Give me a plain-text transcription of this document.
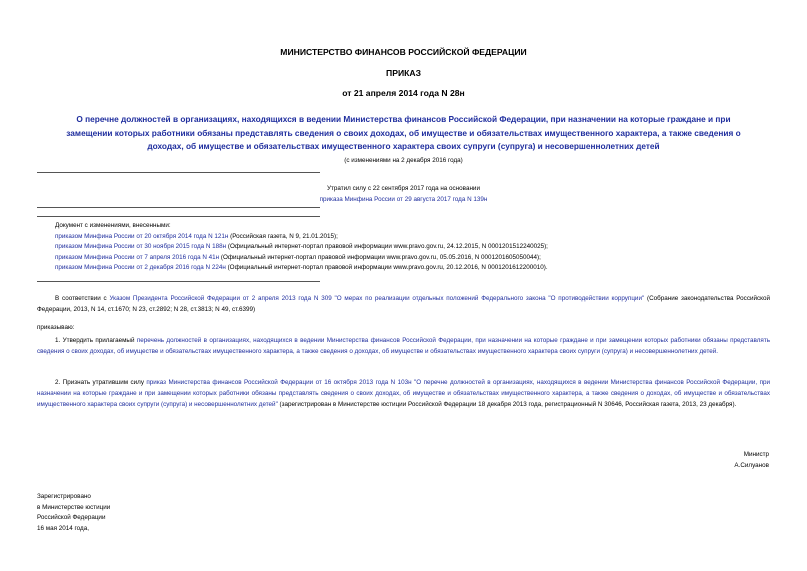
МИНИСТЕРСТВО ФИНАНСОВ РОССИЙСКОЙ ФЕДЕРАЦИИ
ПРИКАЗ
от 21 апреля 2014 года N 28н
О перечне должностей в организациях, находящихся в ведении Министерства финансов Российской Федерации, при назначении на которые граждане и при
замещении которых работники обязаны представлять сведения о своих доходах, об имуществе и обязательствах имущественного характера, а также сведения о
доходах, об имуществе и обязательствах имущественного характера своих супруги (супруга) и несовершеннолетних детей
(с изменениями на 2 декабря 2016 года)
Утратил силу с 22 сентября 2017 года на основании
приказа Минфина России от 29 августа 2017 года N 139н
Документ с изменениями, внесенными:
приказом Минфина России от 20 октября 2014 года N 121н (Российская газета, N 9, 21.01.2015);
приказом Минфина России от 30 ноября 2015 года N 188н (Официальный интернет-портал правовой информации www.pravo.gov.ru, 24.12.2015, N 0001201512240025);
приказом Минфина России от 7 апреля 2016 года N 41н (Официальный интернет-портал правовой информации www.pravo.gov.ru, 05.05.2016, N 0001201605050044);
приказом Минфина России от 2 декабря 2016 года N 224н (Официальный интернет-портал правовой информации www.pravo.gov.ru, 20.12.2016, N 0001201612200010).
В соответствии с Указом Президента Российской Федерации от 2 апреля 2013 года N 309 "О мерах по реализации отдельных положений Федерального закона "О противодействии коррупции" (Собрание законодательства Российской Федерации, 2013, N 14, ст.1670; N 23, ст.2892; N 28, ст.3813; N 49, ст.6399)
приказываю:
1. Утвердить прилагаемый перечень должностей в организациях, находящихся в ведении Министерства финансов Российской Федерации, при назначении на которые граждане и при замещении которых работники обязаны представлять сведения о своих доходах, об имуществе и обязательствах имущественного характера, а также сведения о доходах, об имуществе и обязательствах имущественного характера своих супруги (супруга) и несовершеннолетних детей.
2. Признать утратившим силу приказ Министерства финансов Российской Федерации от 16 октября 2013 года N 103н "О перечне должностей в организациях, находящихся в ведении Министерства финансов Российской Федерации, при назначении на которые граждане и при замещении которых работники обязаны представлять сведения о своих доходах, об имуществе и обязательствах имущественного характера, а также сведения о доходах, об имуществе и обязательствах имущественного характера своих супруги (супруга) и несовершеннолетних детей" (зарегистрирован в Министерстве юстиции Российской Федерации 18 декабря 2013 года, регистрационный N 30646, Российская газета, 2013, 23 декабря).
Министр
А.Силуанов
Зарегистрировано
в Министерстве юстиции
Российской Федерации
16 мая 2014 года,
